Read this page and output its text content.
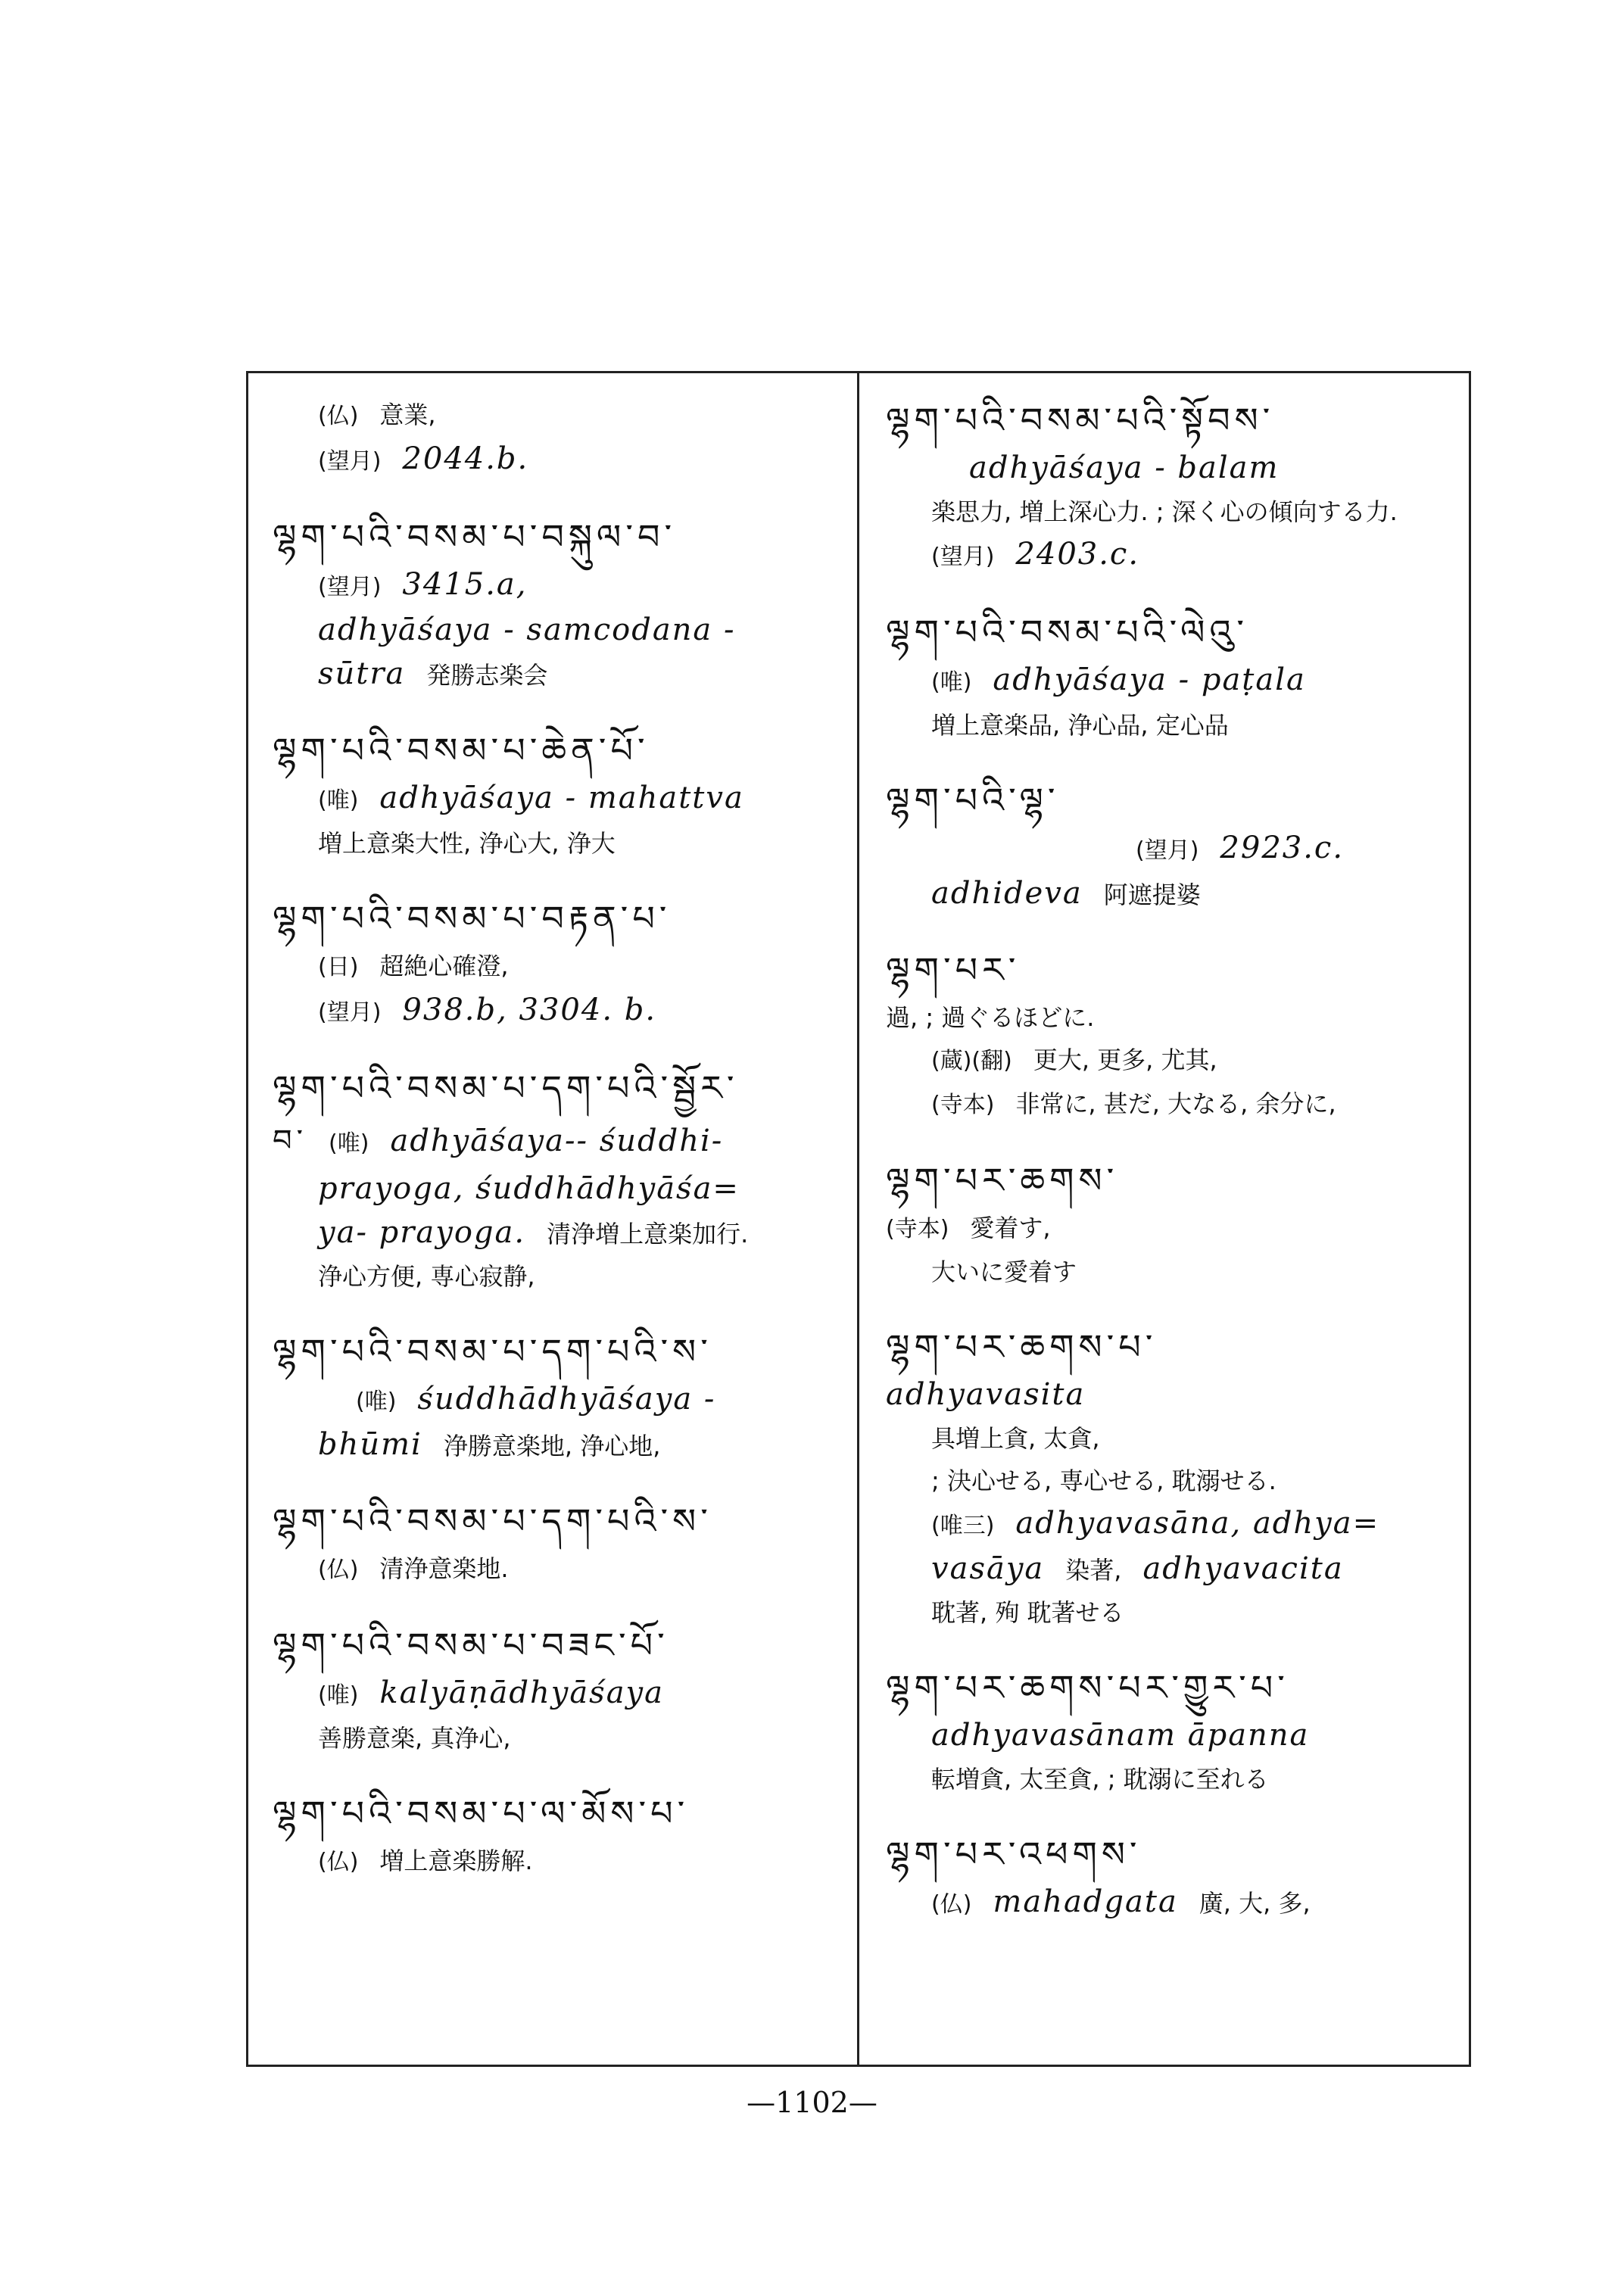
(仏) 意業,
(望月) 2044.b.
ལྷག་པའི་བསམ་པ་བསྐུལ་བ་
(望月) 3415.a,
adhyāśaya - samcodana -
sūtra 発勝志楽会
ལྷག་པའི་བསམ་པ་ཆེན་པོ་
(唯) adhyāśaya - mahattva
増上意楽大性, 浄心大, 浄大
ལྷག་པའི་བསམ་པ་བརྟན་པ་
(日) 超絶心確澄,
(望月) 938.b, 3304. b.
ལྷག་པའི་བསམ་པ་དག་པའི་སྦྱོར་
བ་ (唯) adhyāśaya-- śuddhi-
prayoga, śuddhādhyāśa=
ya- prayoga. 清浄増上意楽加行.
浄心方便, 専心寂静,
ལྷག་པའི་བསམ་པ་དག་པའི་ས་
(唯) śuddhādhyāśaya -
bhūmi 浄勝意楽地, 浄心地,
ལྷག་པའི་བསམ་པ་དག་པའི་ས་
(仏) 清浄意楽地.
ལྷག་པའི་བསམ་པ་བཟང་པོ་
(唯) kalyāṇādhyāśaya
善勝意楽, 真浄心,
ལྷག་པའི་བསམ་པ་ལ་མོས་པ་
(仏) 増上意楽勝解.
ལྷག་པའི་བསམ་པའི་སྟོབས་
adhyāśaya - balam
楽思力, 増上深心力. ; 深く心の傾向する力.
(望月) 2403.c.
ལྷག་པའི་བསམ་པའི་ལེའུ་
(唯) adhyāśaya - paṭala
増上意楽品, 浄心品, 定心品
ལྷག་པའི་ལྷ་
(望月) 2923.c.
adhideva 阿遮提婆
ལྷག་པར་
過, ; 過ぐるほどに.
(蔵)(翻) 更大, 更多, 尤其,
(寺本) 非常に, 甚だ, 大なる, 余分に,
ལྷག་པར་ཆགས་
(寺本) 愛着す,
大いに愛着す
ལྷག་པར་ཆགས་པ་
adhyavasita
具増上貪, 太貪,
; 決心せる, 専心せる, 耽溺せる.
(唯三) adhyavasāna, adhya=
vasāya 染著, adhyavacita
耽著, 殉 耽著せる
ལྷག་པར་ཆགས་པར་གྱུར་པ་
adhyavasānam āpanna
転増貪, 太至貪, ; 耽溺に至れる
ལྷག་པར་འཕགས་
(仏) mahadgata 廣, 大, 多,
—1102—
